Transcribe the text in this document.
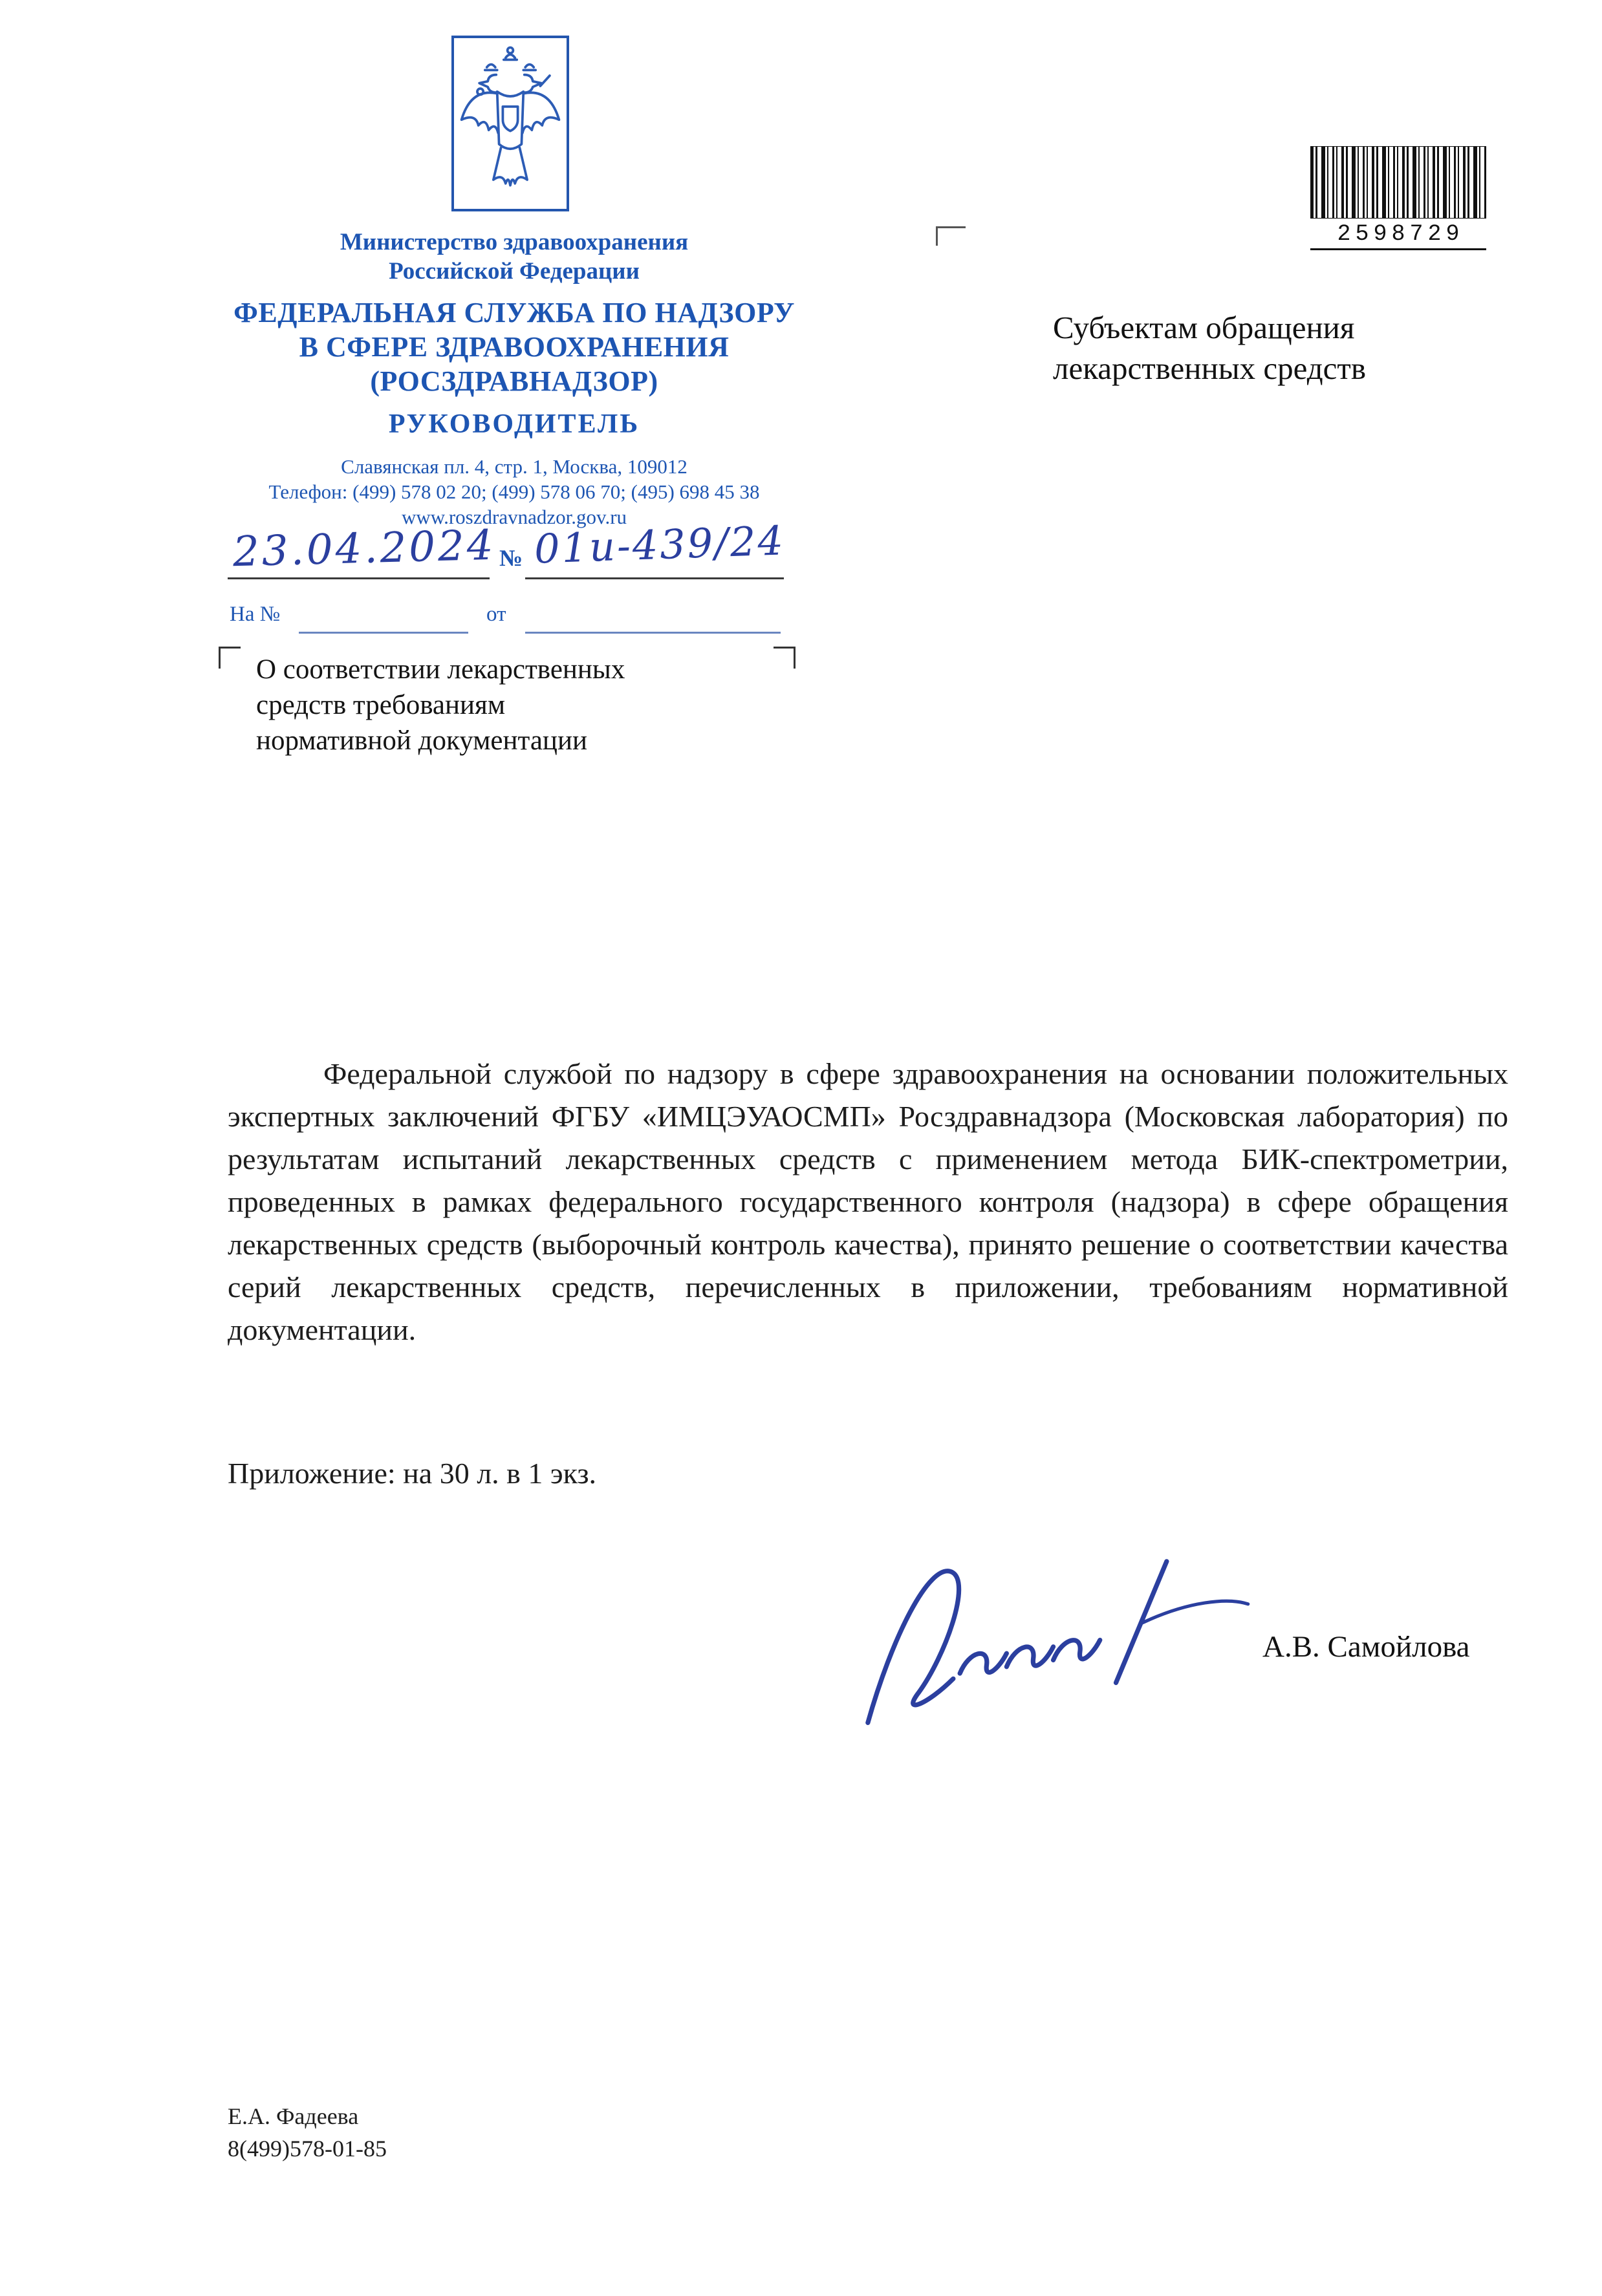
Министерство здравоохранения
Российской Федерации
ФЕДЕРАЛЬНАЯ СЛУЖБА ПО НАДЗОРУ
В СФЕРЕ ЗДРАВООХРАНЕНИЯ
(РОСЗДРАВНАДЗОР)
РУКОВОДИТЕЛЬ
Славянская пл. 4, стр. 1, Москва, 109012
Телефон: (499) 578 02 20; (499) 578 06 70; (495) 698 45 38
www.roszdravnadzor.gov.ru
23.04.2024 № 01и-439/24
На №	от
О соответствии лекарственных
средств требованиям
нормативной документации
Субъектам обращения
лекарственных средств
2598729
Федеральной службой по надзору в сфере здравоохранения на основании положительных экспертных заключений ФГБУ «ИМЦЭУАОСМП» Росздравнадзора (Московская лаборатория) по результатам испытаний лекарственных средств с применением метода БИК-спектрометрии, проведенных в рамках федерального государственного контроля (надзора) в сфере обращения лекарственных средств (выборочный контроль качества), принято решение о соответствии качества серий лекарственных средств, перечисленных в приложении, требованиям нормативной документации.
Приложение: на 30 л. в 1 экз.
А.В. Самойлова
Е.А. Фадеева
8(499)578-01-85
